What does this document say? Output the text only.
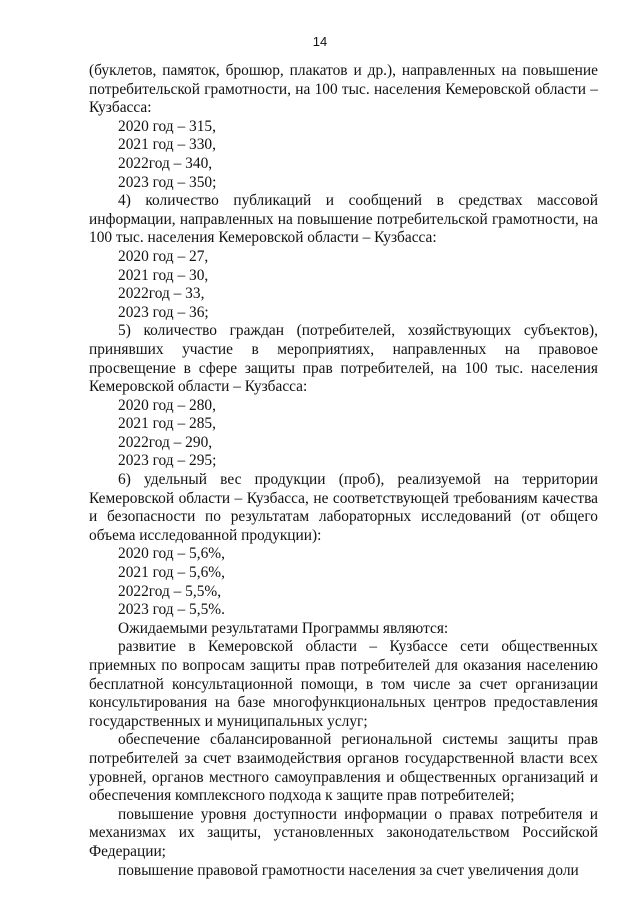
14

(буклетов, памяток, брошюр, плакатов и др.), направленных на повышение потребительской грамотности, на 100 тыс. населения Кемеровской области – Кузбасса:

2020 год – 315,

2021 год – 330,

2022год – 340,

2023 год – 350;

4) количество публикаций и сообщений в средствах массовой информации, направленных на повышение потребительской грамотности, на 100 тыс. населения Кемеровской области – Кузбасса:

2020 год – 27,

2021 год – 30,

2022год – 33,

2023 год – 36;

5) количество граждан (потребителей, хозяйствующих субъектов), принявших участие в мероприятиях, направленных на правовое просвещение в сфере защиты прав потребителей, на 100 тыс. населения Кемеровской области – Кузбасса:

2020 год – 280,

2021 год – 285,

2022год – 290,

2023 год – 295;

6) удельный вес продукции (проб), реализуемой на территории Кемеровской области – Кузбасса, не соответствующей требованиям качества и безопасности по результатам лабораторных исследований (от общего объема исследованной продукции):

2020 год – 5,6%,

2021 год – 5,6%,

2022год – 5,5%,

2023 год – 5,5%.

Ожидаемыми результатами Программы являются:

развитие в Кемеровской области – Кузбассе сети общественных приемных по вопросам защиты прав потребителей для оказания населению бесплатной консультационной помощи, в том числе за счет организации консультирования на базе многофункциональных центров предоставления государственных и муниципальных услуг;

обеспечение сбалансированной региональной системы защиты прав потребителей за счет взаимодействия органов государственной власти всех уровней, органов местного самоуправления и общественных организаций и обеспечения комплексного подхода к защите прав потребителей;

повышение уровня доступности информации о правах потребителя и механизмах их защиты, установленных законодательством Российской Федерации;

повышение правовой грамотности населения за счет увеличения доли
